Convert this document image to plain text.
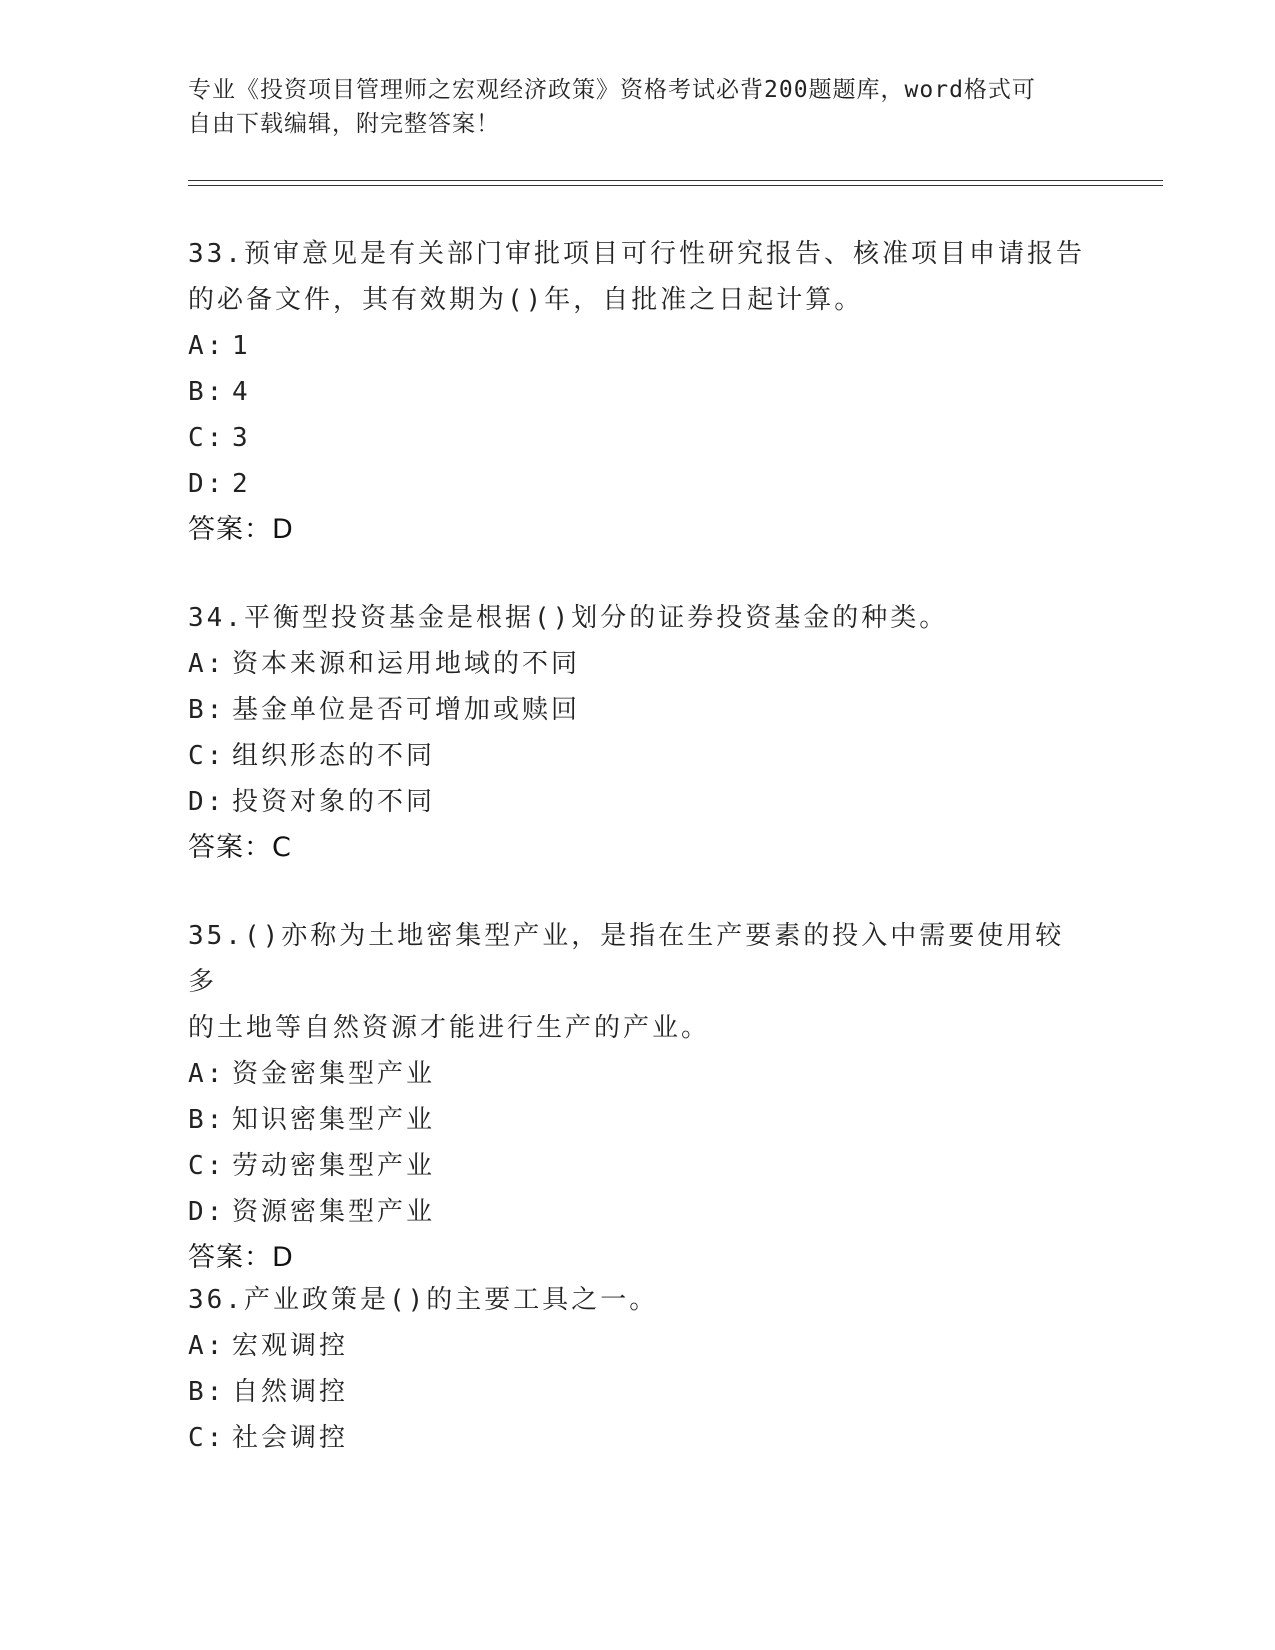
专业《投资项目管理师之宏观经济政策》资格考试必背200题题库，word格式可
自由下载编辑，附完整答案！

33.预审意见是有关部门审批项目可行性研究报告、核准项目申请报告

的必备文件，其有效期为()年，自批准之日起计算。

A: 1

B: 4

C: 3

D: 2

答案：D

34.平衡型投资基金是根据()划分的证券投资基金的种类。

A: 资本来源和运用地域的不同

B: 基金单位是否可增加或赎回

C: 组织形态的不同

D: 投资对象的不同

答案：C

35.()亦称为土地密集型产业，是指在生产要素的投入中需要使用较多

的土地等自然资源才能进行生产的产业。

A: 资金密集型产业

B: 知识密集型产业

C: 劳动密集型产业

D: 资源密集型产业

答案：D

36.产业政策是()的主要工具之一。

A: 宏观调控

B: 自然调控

C: 社会调控
